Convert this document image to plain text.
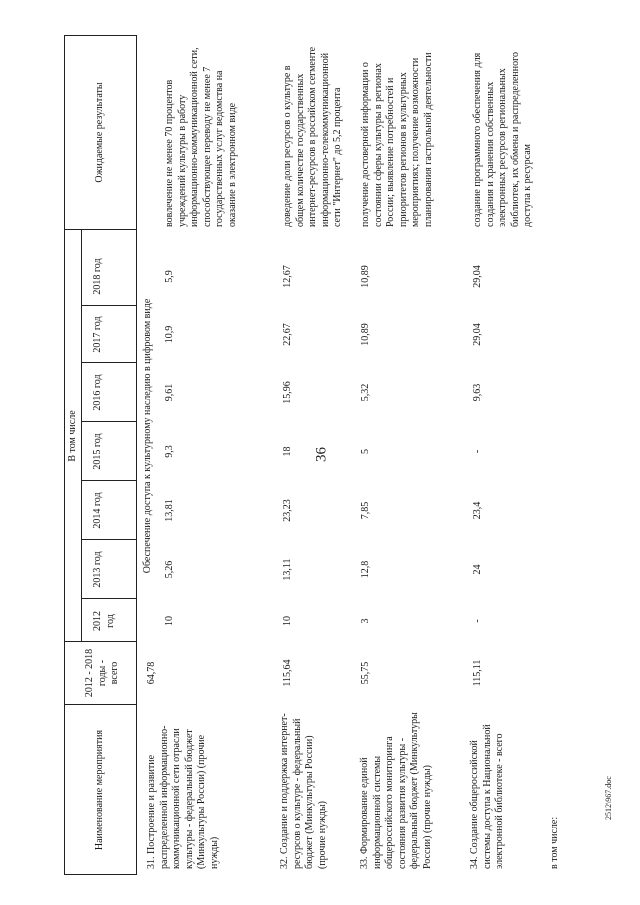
36
2512\967.doc
Наименование мероприятия
2012 - 2018 годы - всего
В том числе
Ожидаемые результаты
2012 год
2013 год
2014 год
2015 год
2016 год
2017 год
2018 год
Обеспечение доступа к культурному наследию в цифровом виде
31. Построение и развитие распределенной информационно-коммуникационной сети отрасли культуры - федеральный бюджет (Минкультуры России) (прочие нужды)
64,78
10
5,26
13,81
9,3
9,61
10,9
5,9
вовлечение не менее 70 процентов учреждений культуры в работу информационно-коммуникационной сети, способствующее переводу не менее 7 государственных услуг ведомства на оказание в электронном виде
32. Создание и поддержка интернет-ресурсов о культуре - федеральный бюджет (Минкультуры России) (прочие нужды)
115,64
10
13,11
23,23
18
15,96
22,67
12,67
доведение доли ресурсов о культуре в общем количестве государственных интернет-ресурсов в российском сегменте информационно-телекоммуникационной сети "Интернет" до 5,2 процента
33. Формирование единой информационной системы общероссийского мониторинга состояния развития культуры - федеральный бюджет (Минкультуры России) (прочие нужды)
55,75
3
12,8
7,85
5
5,32
10,89
10,89
получение достоверной информации о состоянии сферы культуры в регионах России; выявление потребностей и приоритетов регионов в культурных мероприятиях; получение возможности планирования гастрольной деятельности
34. Создание общероссийской системы доступа к Национальной электронной библиотеке - всего	в том числе:
115,11
-
24
23,4
-
9,63
29,04
29,04
создание программного обеспечения для создания и хранения собственных электронных ресурсов региональных библиотек, их обмена и распределенного доступа к ресурсам
